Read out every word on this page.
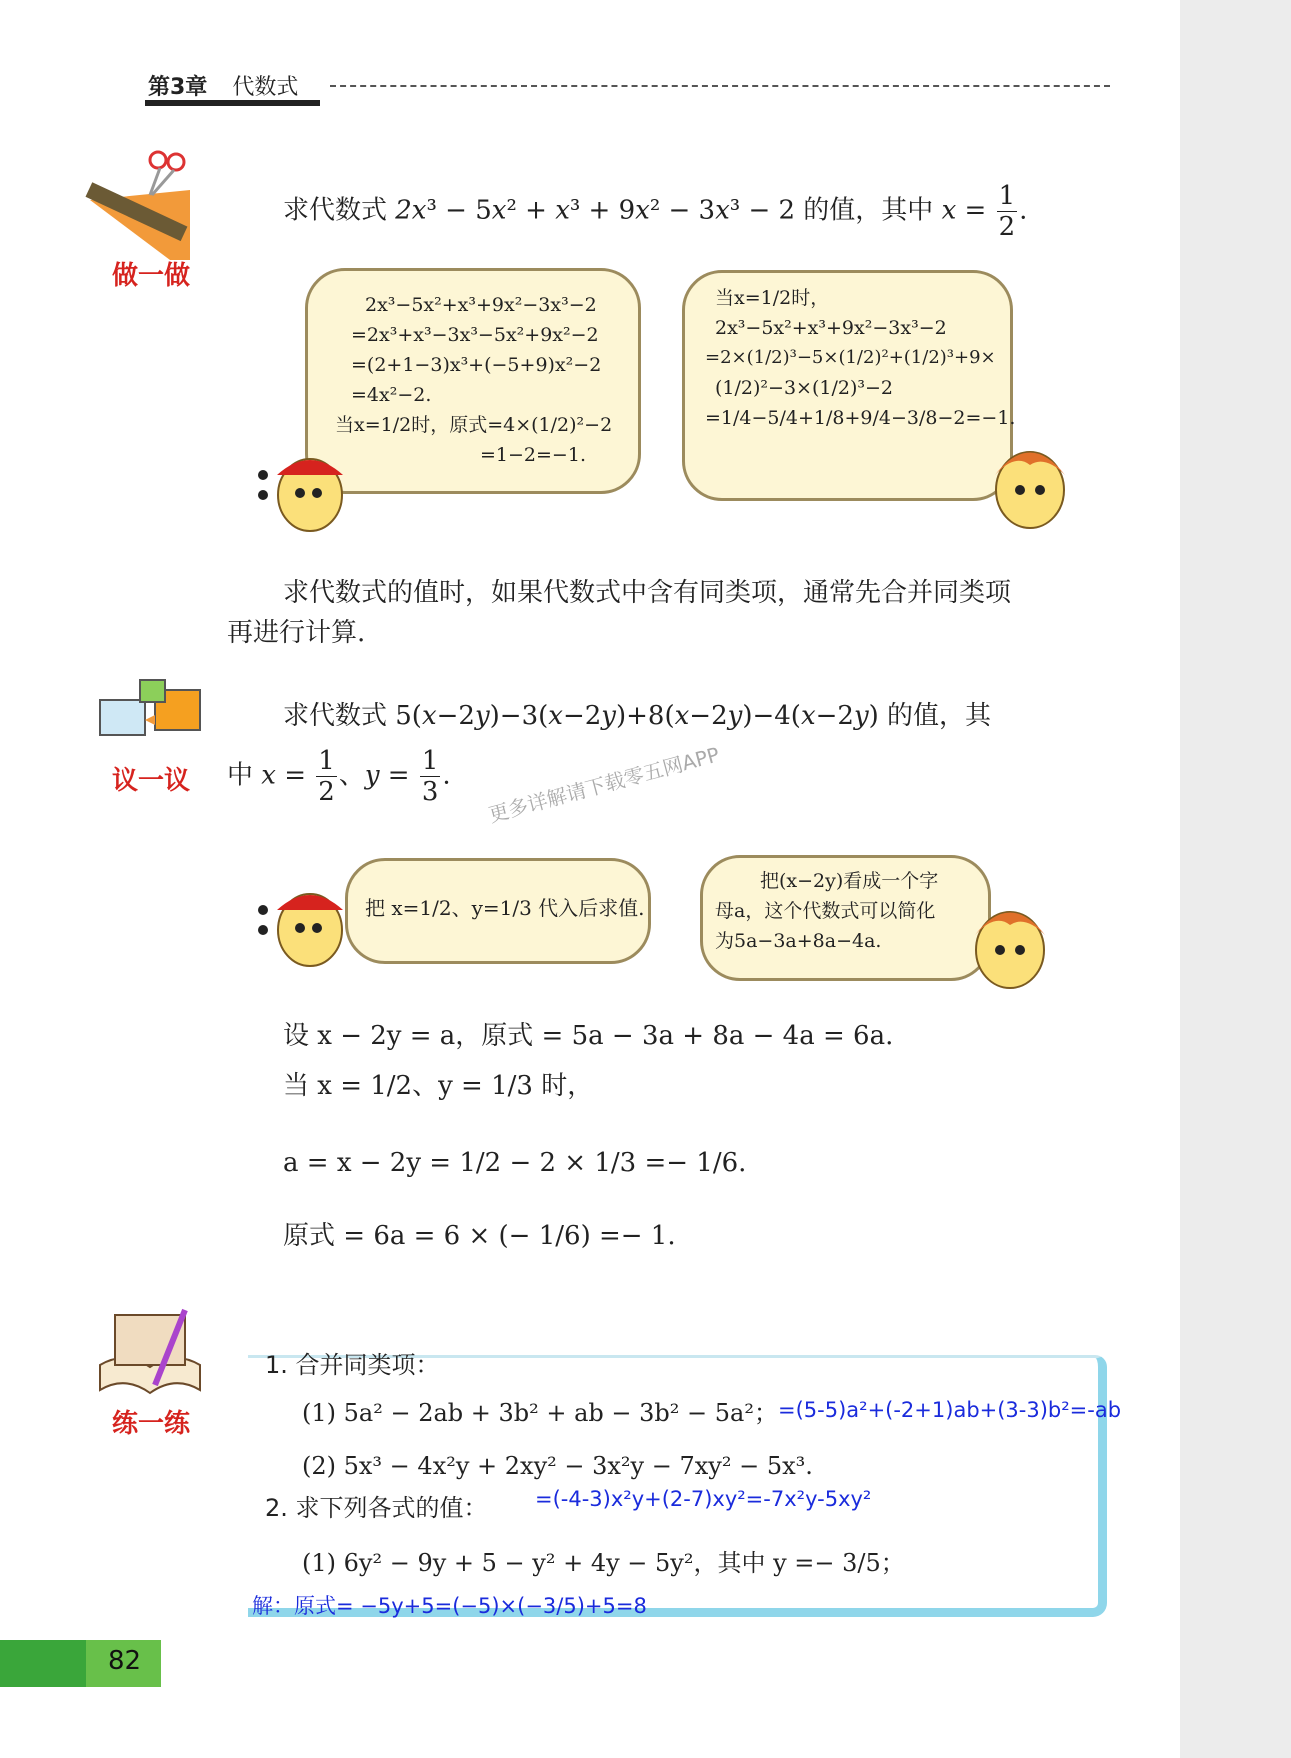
第3章 代数式
做一做
求代数式 2x³ − 5x² + x³ + 9x² − 3x³ − 2 的值，其中 $x = \frac{1}{2}$ .
2x³−5x²+x³+9x²−3x³−2
=2x³+x³−3x³−5x²+9x²−2
=(2+1−3)x³+(−5+9)x²−2
=4x²−2.
当x=1/2时，原式=4×(1/2)²−2
=1−2=−1.
当x=1/2时，
2x³−5x²+x³+9x²−3x³−2
=2×(1/2)³−5×(1/2)²+(1/2)³+9×
(1/2)²−3×(1/2)³−2
=1/4−5/4+1/8+9/4−3/8−2=−1.
求代数式的值时，如果代数式中含有同类项，通常先合并同类项
再进行计算.
议一议
求代数式 5(x−2y)−3(x−2y)+8(x−2y)−4(x−2y) 的值，其
中 $x = \frac{1}{2}$ 、$y = \frac{1}{3}$ . 更多详解请下载零五网APP
把 x=1/2、y=1/3 代入后求值.
把(x−2y)看成一个字
母a，这个代数式可以简化
为5a−3a+8a−4a.
设 x − 2y = a，原式 = 5a − 3a + 8a − 4a = 6a.
当 x = 1/2、y = 1/3 时，
a = x − 2y = 1/2 − 2 × 1/3 =− 1/6.
原式 = 6a = 6 × (− 1/6) =− 1.
练一练
1. 合并同类项：
(1) 5a² − 2ab + 3b² + ab − 3b² − 5a²； =(5-5)a²+(-2+1)ab+(3-3)b²=-ab
(2) 5x³ − 4x²y + 2xy² − 3x²y − 7xy² − 5x³.
2. 求下列各式的值： =(-4-3)x²y+(2-7)xy²=-7x²y-5xy²
(1) 6y² − 9y + 5 − y² + 4y − 5y²，其中 y =− 3/5；
解：原式= −5y+5=(−5)×(−3/5)+5=8
82
